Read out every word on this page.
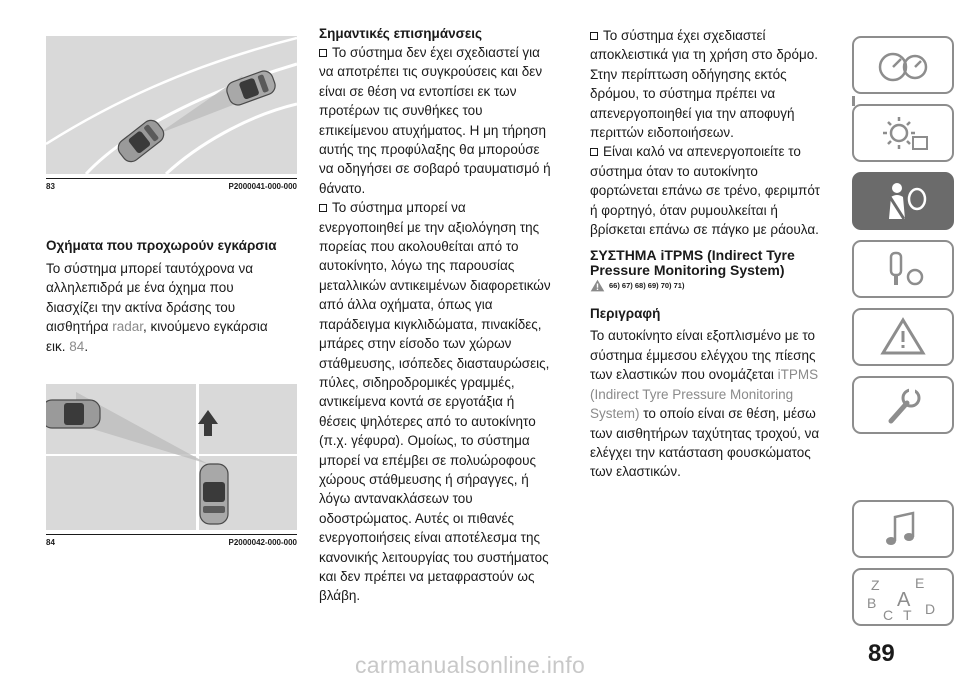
83	P2000041-000-000

Οχήματα που προχωρούν εγκάρσια

Το σύστημα μπορεί ταυτόχρονα να

αλληλεπιδρά με ένα όχημα που

διασχίζει την ακτίνα δράσης του

αισθητήρα radar, κινούμενο εγκάρσια

εικ. 84.

84	P2000042-000-000

Σημαντικές επισημάνσεις

Το σύστημα δεν έχει σχεδιαστεί για

να αποτρέπει τις συγκρούσεις και δεν

είναι σε θέση να εντοπίσει εκ των

προτέρων τις συνθήκες του

επικείμενου ατυχήματος. Η μη τήρηση

αυτής της προφύλαξης θα μπορούσε

να οδηγήσει σε σοβαρό τραυματισμό ή

θάνατο.

Το σύστημα μπορεί να

ενεργοποιηθεί με την αξιολόγηση της

πορείας που ακολουθείται από το

αυτοκίνητο, λόγω της παρουσίας

μεταλλικών αντικειμένων διαφορετικών

από άλλα οχήματα, όπως για

παράδειγμα κιγκλιδώματα, πινακίδες,

μπάρες στην είσοδο των χώρων

στάθμευσης, ισόπεδες διασταυρώσεις,

πύλες, σιδηροδρομικές γραμμές,

αντικείμενα κοντά σε εργοτάξια ή

θέσεις ψηλότερες από το αυτοκίνητο

(π.χ. γέφυρα). Ομοίως, το σύστημα

μπορεί να επέμβει σε πολυώροφους

χώρους στάθμευσης ή σήραγγες, ή

λόγω αντανακλάσεων του

οδοστρώματος. Αυτές οι πιθανές

ενεργοποιήσεις είναι αποτέλεσμα της

κανονικής λειτουργίας του συστήματος

και δεν πρέπει να μεταφραστούν ως

βλάβη.

Το σύστημα έχει σχεδιαστεί

αποκλειστικά για τη χρήση στο δρόμο.

Στην περίπτωση οδήγησης εκτός

δρόμου, το σύστημα πρέπει να

απενεργοποιηθεί για την αποφυγή

περιττών ειδοποιήσεων.

Είναι καλό να απενεργοποιείτε το

σύστημα όταν το αυτοκίνητο

φορτώνεται επάνω σε τρένο, φεριμπότ

ή φορτηγό, όταν ρυμουλκείται ή

βρίσκεται επάνω σε πάγκο με ράουλα.

ΣΥΣΤΗΜΑ iTPMS (Indirect Tyre

Pressure Monitoring System)

66) 67) 68) 69) 70) 71)

Περιγραφή

Το αυτοκίνητο είναι εξοπλισμένο με το

σύστημα έμμεσου ελέγχου της πίεσης

των ελαστικών που ονομάζεται iTPMS

(Indirect Tyre Pressure Monitoring

System) το οποίο είναι σε θέση, μέσω

των αισθητήρων ταχύτητας τροχού, να

ελέγχει την κατάσταση φουσκώματος

των ελαστικών.

Z	E
B A
C T D
89
carmanualsonline.info
